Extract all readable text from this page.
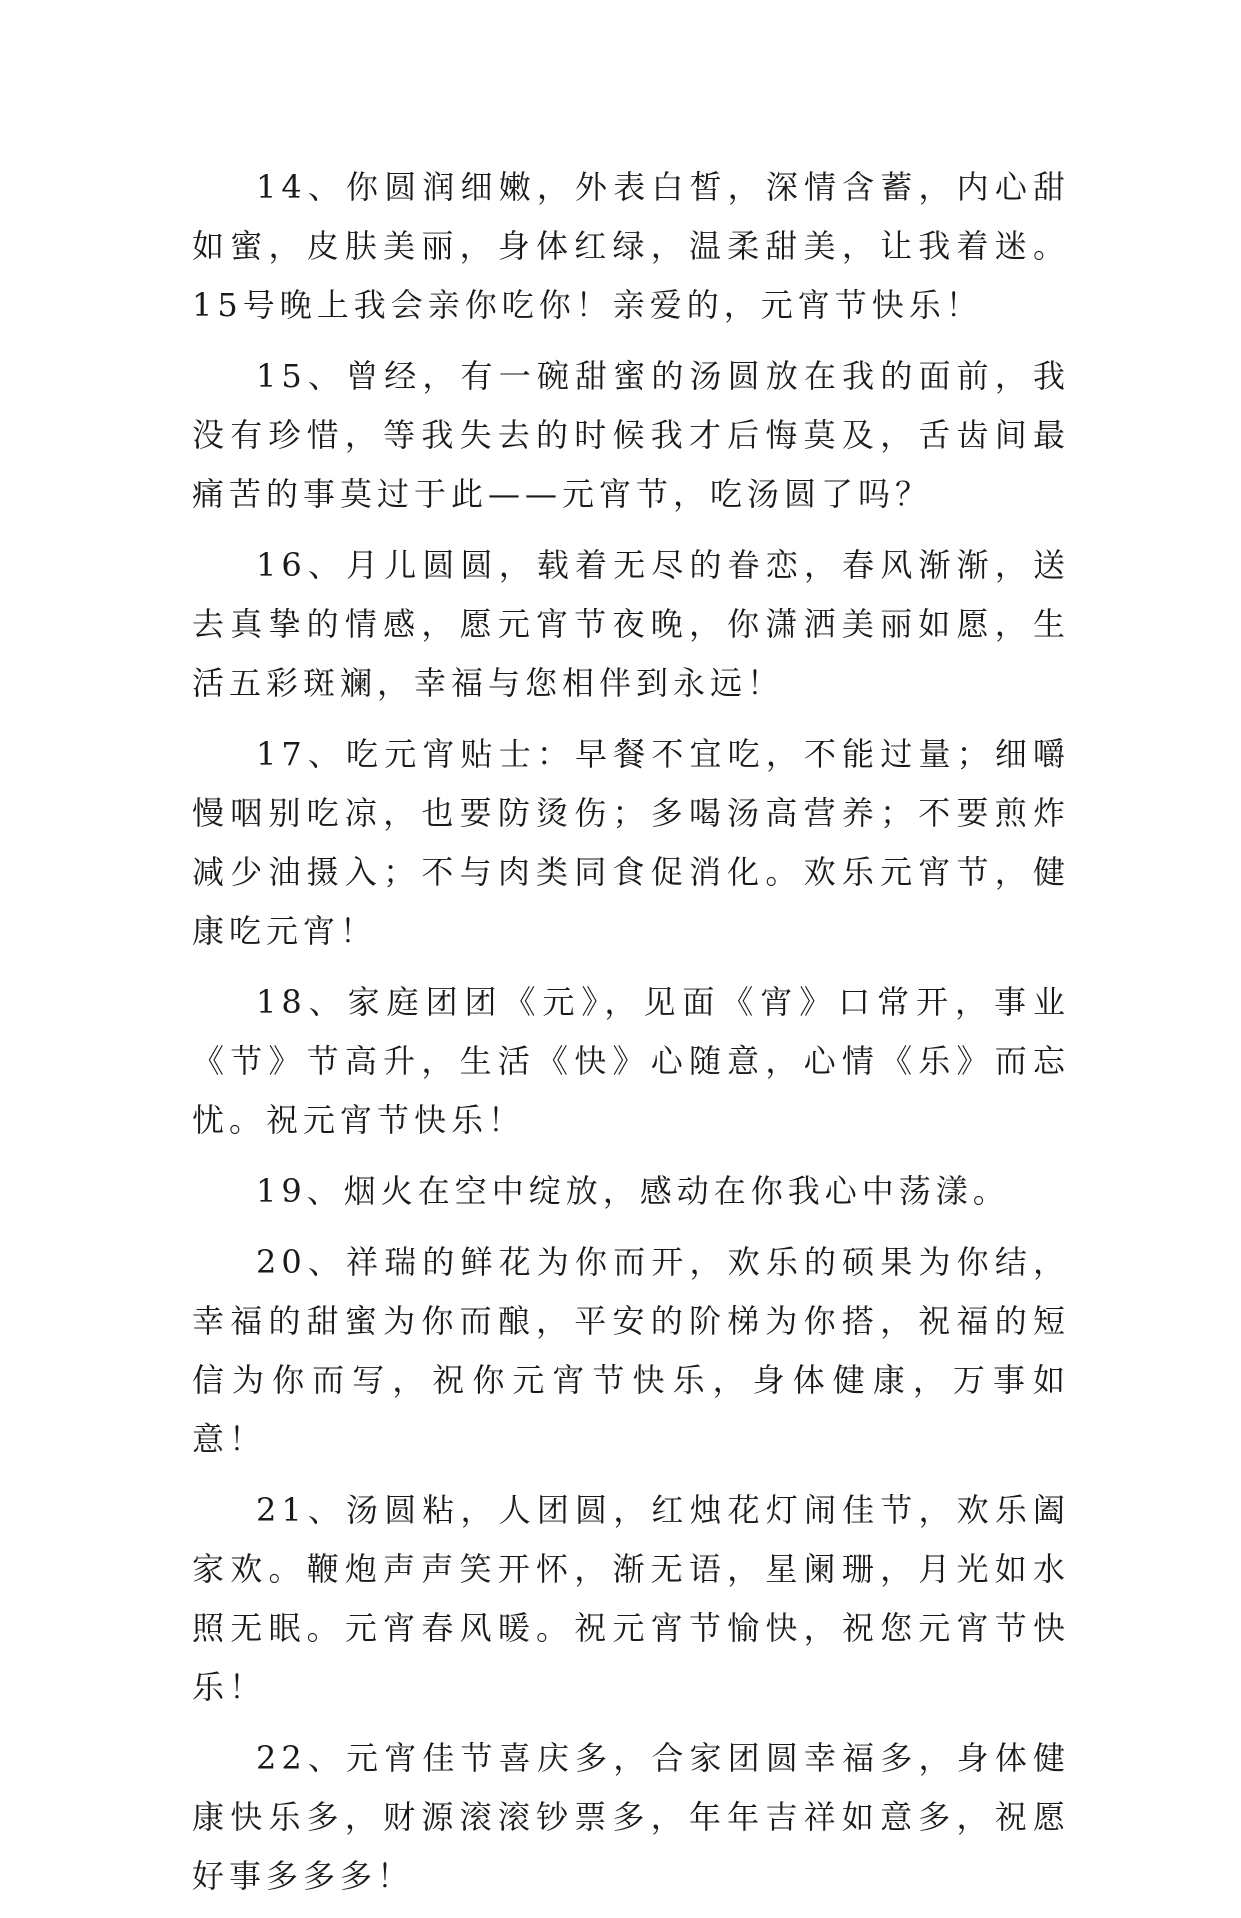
14、你圆润细嫩，外表白皙，深情含蓄，内心甜如蜜，皮肤美丽，身体红绿，温柔甜美，让我着迷。15号晚上我会亲你吃你！亲爱的，元宵节快乐！

15、曾经，有一碗甜蜜的汤圆放在我的面前，我没有珍惜，等我失去的时候我才后悔莫及，舌齿间最痛苦的事莫过于此——元宵节，吃汤圆了吗？

16、月儿圆圆，载着无尽的眷恋，春风渐渐，送去真挚的情感，愿元宵节夜晚，你潇洒美丽如愿，生活五彩斑斓，幸福与您相伴到永远！

17、吃元宵贴士：早餐不宜吃，不能过量；细嚼慢咽别吃凉，也要防烫伤；多喝汤高营养；不要煎炸减少油摄入；不与肉类同食促消化。欢乐元宵节，健康吃元宵！

18、家庭团团《元》，见面《宵》口常开，事业《节》节高升，生活《快》心随意，心情《乐》而忘忧。祝元宵节快乐！

19、烟火在空中绽放，感动在你我心中荡漾。

20、祥瑞的鲜花为你而开，欢乐的硕果为你结，幸福的甜蜜为你而酿，平安的阶梯为你搭，祝福的短信为你而写，祝你元宵节快乐，身体健康，万事如意！

21、汤圆粘，人团圆，红烛花灯闹佳节，欢乐阖家欢。鞭炮声声笑开怀，渐无语，星阑珊，月光如水照无眠。元宵春风暖。祝元宵节愉快，祝您元宵节快乐！

22、元宵佳节喜庆多，合家团圆幸福多，身体健康快乐多，财源滚滚钞票多，年年吉祥如意多，祝愿好事多多多！
